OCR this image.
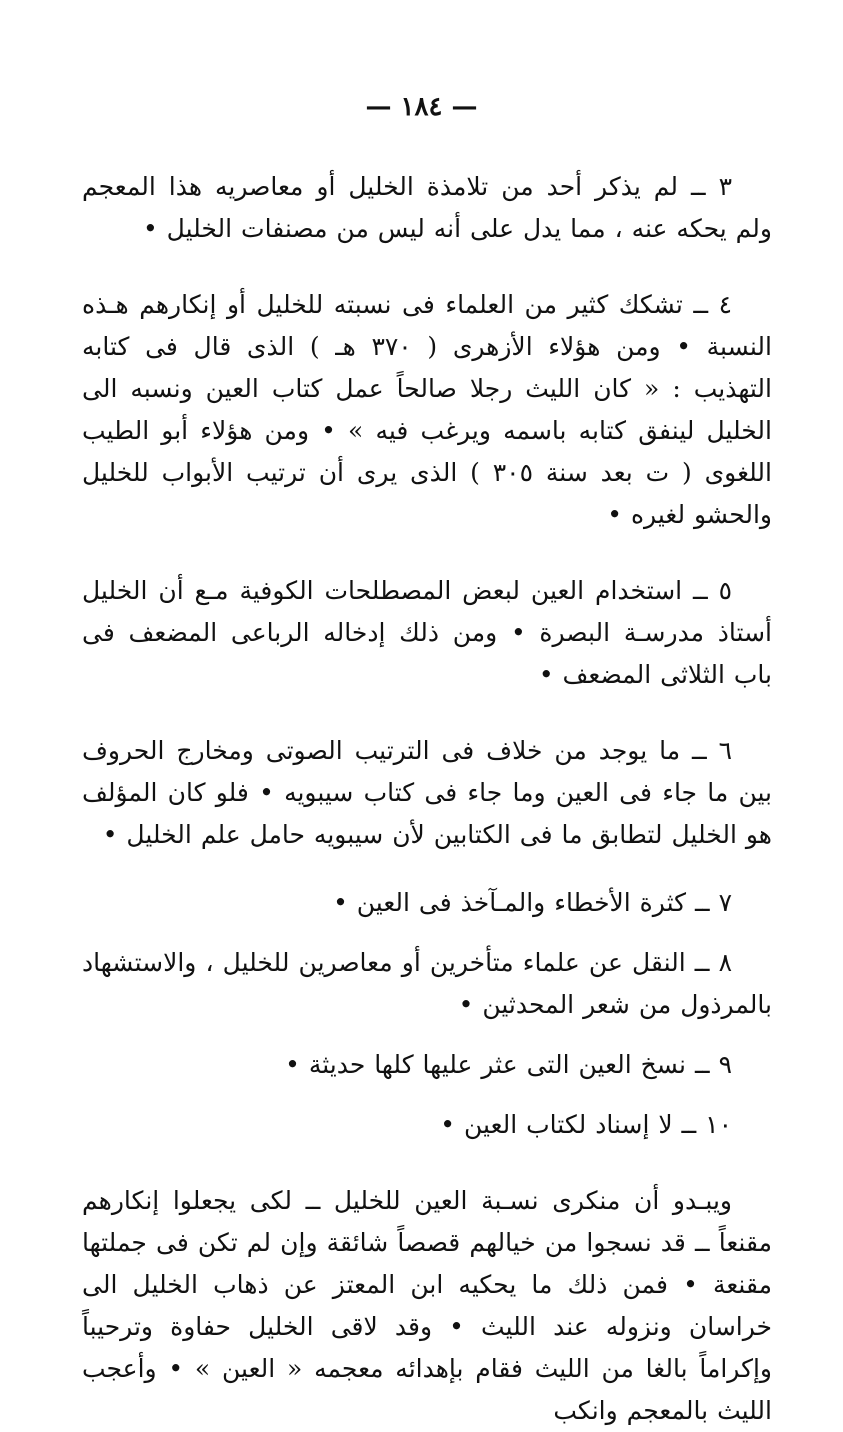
— ١٨٤ —

٣ ــ لم يذكر أحد من تلامذة الخليل أو معاصريه هذا المعجم ولم يحكه عنه ، مما يدل على أنه ليس من مصنفات الخليل •

٤ ــ تشكك كثير من العلماء فى نسبته للخليل أو إنكارهم هـذه النسبة • ومن هؤلاء الأزهرى ( ٣٧٠ هـ ) الذى قال فى كتابه التهذيب : « كان الليث رجلا صالحاً عمل كتاب العين ونسبه الى الخليل لينفق كتابه باسمه ويرغب فيه » • ومن هؤلاء أبو الطيب اللغوى ( ت بعد سنة ٣٠٥ ) الذى يرى أن ترتيب الأبواب للخليل والحشو لغيره •

٥ ــ استخدام العين لبعض المصطلحات الكوفية مـع أن الخليل أستاذ مدرسـة البصرة • ومن ذلك إدخاله الرباعى المضعف فى باب الثلاثى المضعف •

٦ ــ ما يوجد من خلاف فى الترتيب الصوتى ومخارج الحروف بين ما جاء فى العين وما جاء فى كتاب سيبويه • فلو كان المؤلف هو الخليل لتطابق ما فى الكتابين لأن سيبويه حامل علم الخليل •

٧ ــ كثرة الأخطاء والمـآخذ فى العين •

٨ ــ النقل عن علماء متأخرين أو معاصرين للخليل ، والاستشهاد بالمرذول من شعر المحدثين •

٩ ــ نسخ العين التى عثر عليها كلها حديثة •

١٠ ــ لا إسناد لكتاب العين •

ويبـدو أن منكرى نسـبة العين للخليل ــ لكى يجعلوا إنكارهم مقنعاً ــ قد نسجوا من خيالهم قصصاً شائقة وإن لم تكن فى جملتها مقنعة • فمن ذلك ما يحكيه ابن المعتز عن ذهاب الخليل الى خراسان ونزوله عند الليث • وقد لاقى الخليل حفاوة وترحيباً وإكراماً بالغا من الليث فقام بإهدائه معجمه « العين » • وأعجب الليث بالمعجم وانكب
